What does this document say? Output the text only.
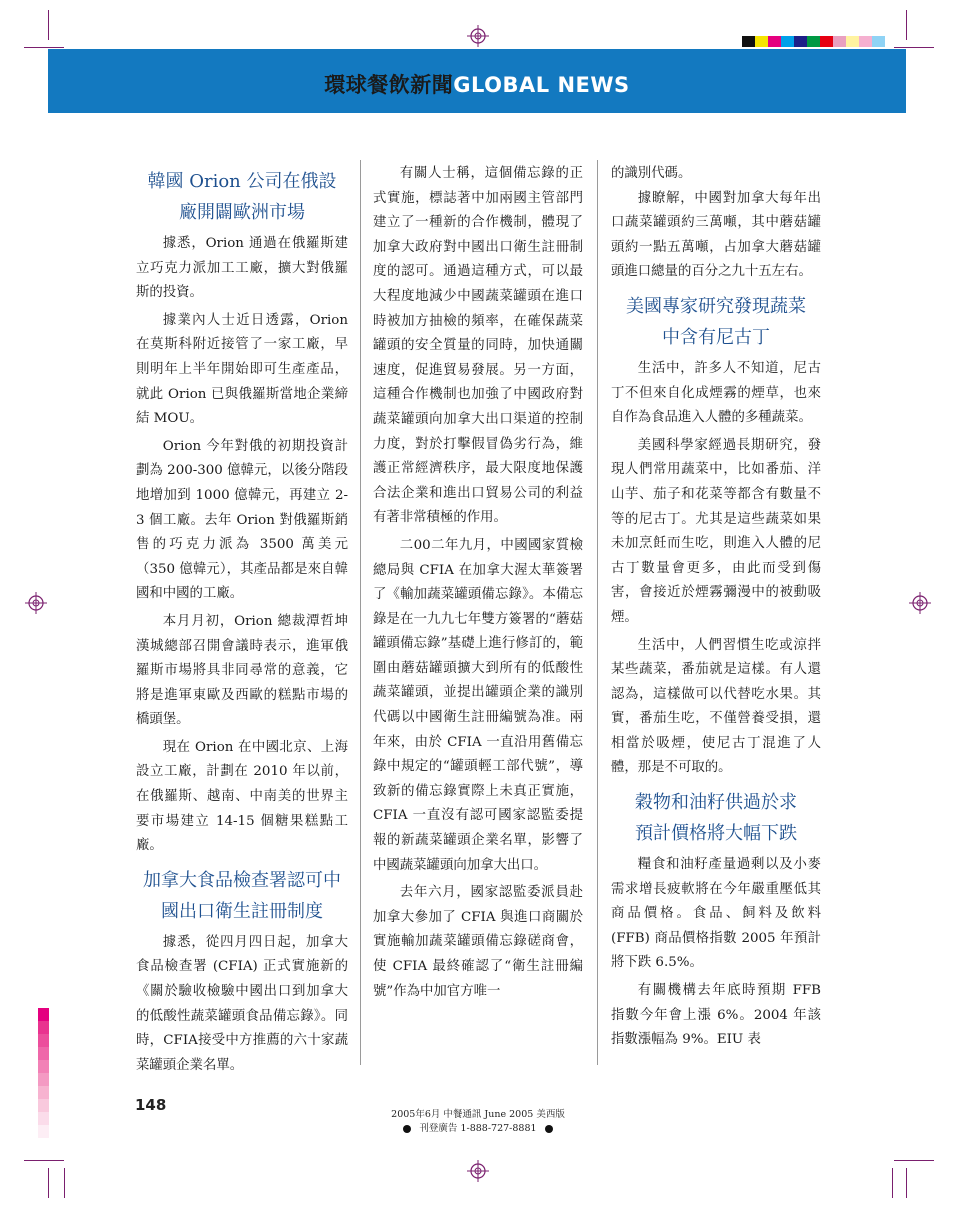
環球餐飲新聞GLOBAL NEWS
韓國 Orion 公司在俄設
廠開闢歐洲市場

據悉，Orion 通過在俄羅斯建立巧克力派加工工廠，擴大對俄羅斯的投資。

據業內人士近日透露，Orion 在莫斯科附近接管了一家工廠，早則明年上半年開始即可生產產品，就此 Orion 已與俄羅斯當地企業締結 MOU。

Orion 今年對俄的初期投資計劃為 200-300 億韓元，以後分階段地增加到 1000 億韓元，再建立 2-3 個工廠。去年 Orion 對俄羅斯銷售的巧克力派為 3500 萬美元（350 億韓元），其產品都是來自韓國和中國的工廠。

本月月初，Orion 總裁潭哲坤漢城總部召開會議時表示，進軍俄羅斯市場將具非同尋常的意義，它將是進軍東歐及西歐的糕點市場的橋頭堡。

現在 Orion 在中國北京、上海設立工廠，計劃在 2010 年以前，在俄羅斯、越南、中南美的世界主要市場建立 14-15 個糖果糕點工廠。

加拿大食品檢查署認可中
國出口衛生註冊制度

據悉，從四月四日起，加拿大食品檢查署 (CFIA) 正式實施新的《關於驗收檢驗中國出口到加拿大的低酸性蔬菜罐頭食品備忘錄》。同時，CFIA接受中方推薦的六十家蔬菜罐頭企業名單。

有關人士稱，這個備忘錄的正式實施，標誌著中加兩國主管部門建立了一種新的合作機制，體現了加拿大政府對中國出口衛生註冊制度的認可。通過這種方式，可以最大程度地減少中國蔬菜罐頭在進口時被加方抽檢的頻率，在確保蔬菜罐頭的安全質量的同時，加快通關速度，促進貿易發展。另一方面，這種合作機制也加強了中國政府對蔬菜罐頭向加拿大出口渠道的控制力度，對於打擊假冒偽劣行為，維護正常經濟秩序，最大限度地保護合法企業和進出口貿易公司的利益有著非常積極的作用。

二00二年九月，中國國家質檢總局與 CFIA 在加拿大渥太華簽署了《輸加蔬菜罐頭備忘錄》。本備忘錄是在一九九七年雙方簽署的“蘑菇罐頭備忘錄”基礎上進行修訂的，範圍由蘑菇罐頭擴大到所有的低酸性蔬菜罐頭，並提出罐頭企業的識別代碼以中國衛生註冊編號為准。兩年來，由於 CFIA 一直沿用舊備忘錄中規定的“罐頭輕工部代號”，導致新的備忘錄實際上未真正實施，CFIA 一直沒有認可國家認監委提報的新蔬菜罐頭企業名單，影響了中國蔬菜罐頭向加拿大出口。

去年六月，國家認監委派員赴加拿大參加了 CFIA 與進口商關於實施輸加蔬菜罐頭備忘錄磋商會，使 CFIA 最終確認了“衛生註冊編號”作為中加官方唯一

的識別代碼。

據瞭解，中國對加拿大每年出口蔬菜罐頭約三萬噸，其中蘑菇罐頭約一點五萬噸，占加拿大蘑菇罐頭進口總量的百分之九十五左右。

美國專家研究發現蔬菜
中含有尼古丁

生活中，許多人不知道，尼古丁不但來自化成煙霧的煙草，也來自作為食品進入人體的多種蔬菜。

美國科學家經過長期研究，發現人們常用蔬菜中，比如番茄、洋山芋、茄子和花菜等都含有數量不等的尼古丁。尤其是這些蔬菜如果未加烹飪而生吃，則進入人體的尼古丁數量會更多，由此而受到傷害，會接近於煙霧彌漫中的被動吸煙。

生活中，人們習慣生吃或涼拌某些蔬菜，番茄就是這樣。有人還認為，這樣做可以代替吃水果。其實，番茄生吃，不僅營養受損，還相當於吸煙，使尼古丁混進了人體，那是不可取的。

穀物和油籽供過於求
預計價格將大幅下跌

糧食和油籽產量過剩以及小麥需求增長疲軟將在今年嚴重壓低其商品價格。食品、飼料及飲料 (FFB) 商品價格指數 2005 年預計將下跌 6.5%。

有關機構去年底時預期 FFB 指數今年會上漲 6%。2004 年該指數漲幅為 9%。EIU 表

148
2005年6月 中餐通訊 June 2005 美西版
刊登廣告 1-888-727-8881
